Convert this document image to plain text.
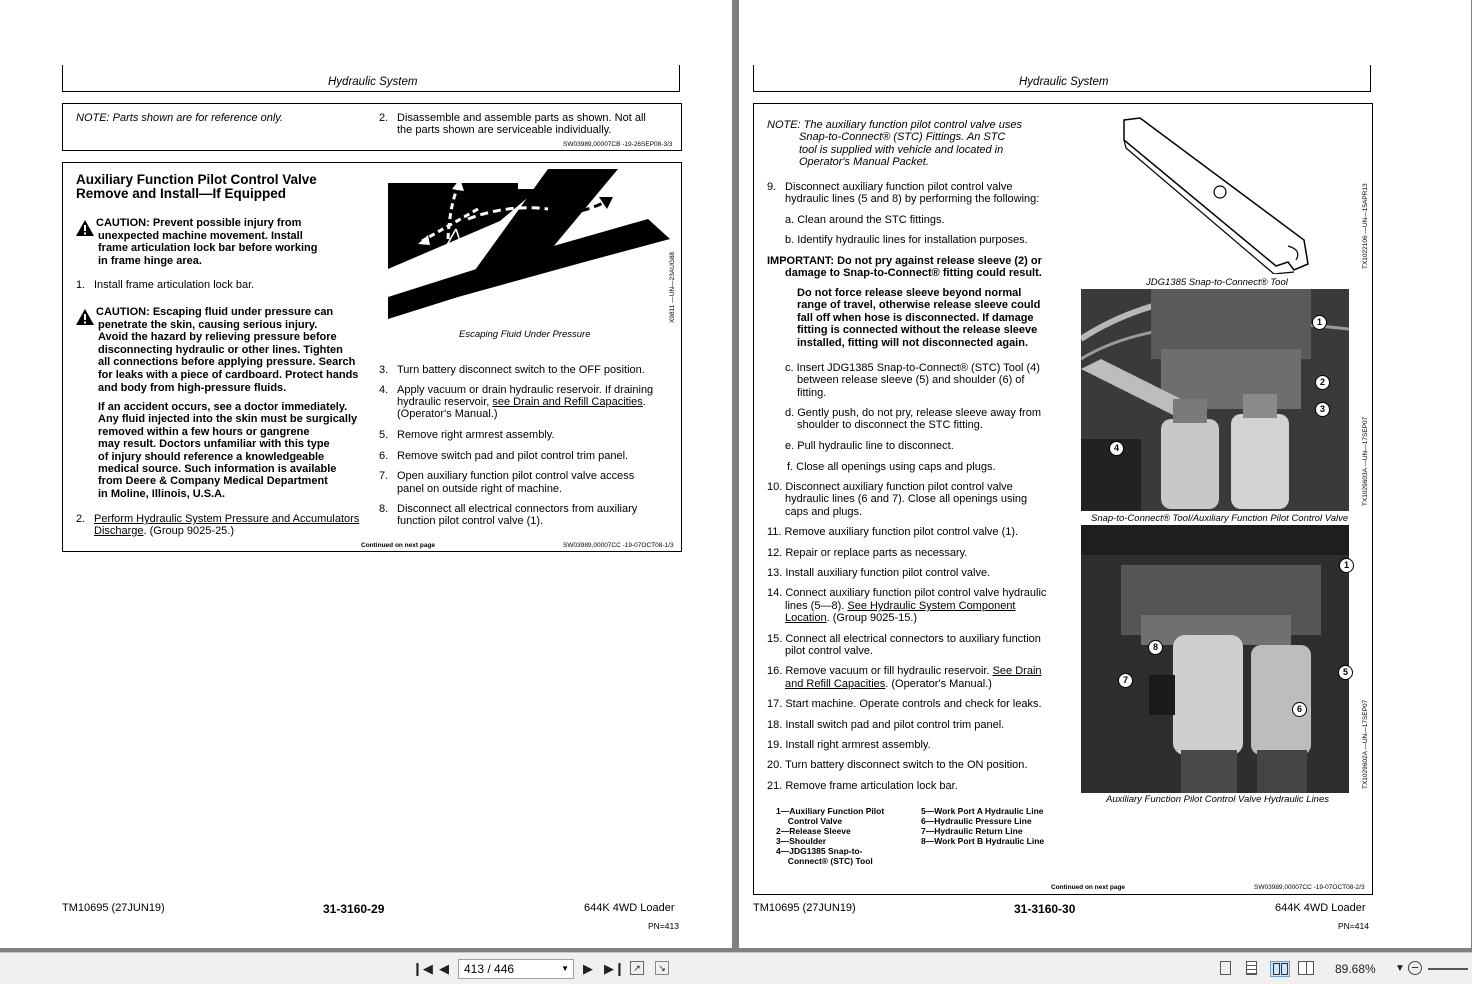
Hydraulic System
NOTE: Parts shown are for reference only.	2. Disassemble and assemble parts as shown. Not all
the parts shown are serviceable individually.
SW03989,00007CB -19-26SEP08-3/3
Auxiliary Function Pilot Control Valve
Remove and Install—If Equipped
1. Install frame articulation lock bar.
2. Perform Hydraulic System Pressure and Accumulators
Discharge. (Group 9025-25.)
Escaping Fluid Under Pressure
X9811 —UN—23AUG88
3. Turn battery disconnect switch to the OFF position.
4. Apply vacuum or drain hydraulic reservoir. If draining
hydraulic reservoir, see Drain and Refill Capacities.
(Operator's Manual.)
5. Remove right armrest assembly.
6. Remove switch pad and pilot control trim panel.
7. Open auxiliary function pilot control valve access
panel on outside right of machine.
8. Disconnect all electrical connectors from auxiliary
function pilot control valve (1).
Continued on next page	SW03989,00007CC -19-07OCT08-1/3
CAUTION: Prevent possible injury from
unexpected machine movement. Install
frame articulation lock bar before working
in frame hinge area.
CAUTION: Escaping fluid under pressure can
penetrate the skin, causing serious injury.
Avoid the hazard by relieving pressure before
disconnecting hydraulic or other lines. Tighten
all connections before applying pressure. Search
for leaks with a piece of cardboard. Protect hands
and body from high-pressure fluids.
If an accident occurs, see a doctor immediately.
Any fluid injected into the skin must be surgically
removed within a few hours or gangrene
may result. Doctors unfamiliar with this type
of injury should reference a knowledgeable
medical source. Such information is available
from Deere & Company Medical Department
in Moline, Illinois, U.S.A.
TM10695 (27JUN19)	31-3160-29	644K 4WD Loader
PN=413
Hydraulic System
JDG1385 Snap-to-Connect® Tool
TX1022106 —UN—15APR13
Snap-to-Connect® Tool/Auxiliary Function Pilot Control Valve
TX1029603A —UN—17SEP07
Auxiliary Function Pilot Control Valve Hydraulic Lines
TX1029602A —UN—17SEP07
1—Auxiliary Function Pilot
Control Valve
2—Release Sleeve
3—Shoulder
4—JDG1385 Snap-to-
Connect® (STC) Tool
5—Work Port A Hydraulic Line
6—Hydraulic Pressure Line
7—Hydraulic Return Line
8—Work Port B Hydraulic Line
Continued on next page	SW03989,00007CC -19-07OCT08-2/3
NOTE: The auxiliary function pilot control valve uses
Snap-to-Connect® (STC) Fittings. An STC
tool is supplied with vehicle and located in
Operator's Manual Packet.
Disconnect auxiliary function pilot control valve
hydraulic lines (5 and 8) by performing the following:
9.
a. Clean around the STC fittings.
b. Identify hydraulic lines for installation purposes.
IMPORTANT: Do not pry against release sleeve (2) or
damage to Snap-to-Connect® fitting could result.
Do not force release sleeve beyond normal
range of travel, otherwise release sleeve could
fall off when hose is disconnected. If damage
fitting is connected without the release sleeve
installed, fitting will not disconnected again.
c. Insert JDG1385 Snap-to-Connect® (STC) Tool (4)
between release sleeve (5) and shoulder (6) of
fitting.
d. Gently push, do not pry, release sleeve away from
shoulder to disconnect the STC fitting.
e. Pull hydraulic line to disconnect.
f. Close all openings using caps and plugs.
10. Disconnect auxiliary function pilot control valve
hydraulic lines (6 and 7). Close all openings using
caps and plugs.
11. Remove auxiliary function pilot control valve (1).
12. Repair or replace parts as necessary.
13. Install auxiliary function pilot control valve.
14. Connect auxiliary function pilot control valve hydraulic
lines (5—8). See Hydraulic System Component
Location. (Group 9025-15.)
15. Connect all electrical connectors to auxiliary function
pilot control valve.
16. Remove vacuum or fill hydraulic reservoir. See Drain
and Refill Capacities. (Operator's Manual.)
17. Start machine. Operate controls and check for leaks.
18. Install switch pad and pilot control trim panel.
19. Install right armrest assembly.
20. Turn battery disconnect switch to the ON position.
21. Remove frame articulation lock bar.
1
2
3
4
1
8
7
5
6
TM10695 (27JUN19)	31-3160-30	644K 4WD Loader
PN=414
❙◀ ◀	413 / 446	▼ ▶ ▶❙ ↗	↘	89.68%	▼ −
